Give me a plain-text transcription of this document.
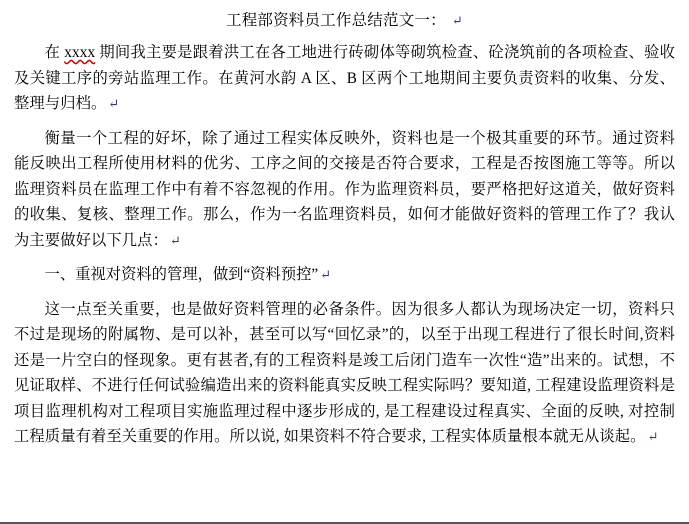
工程部资料员工作总结范文一： ↵
在 xxxx 期间我主要是跟着洪工在各工地进行砖砌体等砌筑检查、砼浇筑前的各项检查、验收及关键工序的旁站监理工作。在黄河水韵 A 区、B 区两个工地期间主要负责资料的收集、分发、整理与归档。 ↵
衡量一个工程的好坏，除了通过工程实体反映外，资料也是一个极其重要的环节。通过资料能反映出工程所使用材料的优劣、工序之间的交接是否符合要求，工程是否按图施工等等。所以监理资料员在监理工作中有着不容忽视的作用。作为监理资料员，要严格把好这道关，做好资料的收集、复核、整理工作。那么，作为一名监理资料员，如何才能做好资料的管理工作了？我认为主要做好以下几点： ↵
一、重视对资料的管理，做到“资料预控” ↵
这一点至关重要，也是做好资料管理的必备条件。因为很多人都认为现场决定一切，资料只不过是现场的附属物、是可以补，甚至可以写“回忆录”的，以至于出现工程进行了很长时间,资料还是一片空白的怪现象。更有甚者,有的工程资料是竣工后闭门造车一次性“造”出来的。试想，不见证取样、不进行任何试验编造出来的资料能真实反映工程实际吗？要知道, 工程建设监理资料是项目监理机构对工程项目实施监理过程中逐步形成的, 是工程建设过程真实、全面的反映, 对控制工程质量有着至关重要的作用。所以说, 如果资料不符合要求, 工程实体质量根本就无从谈起。 ↵
